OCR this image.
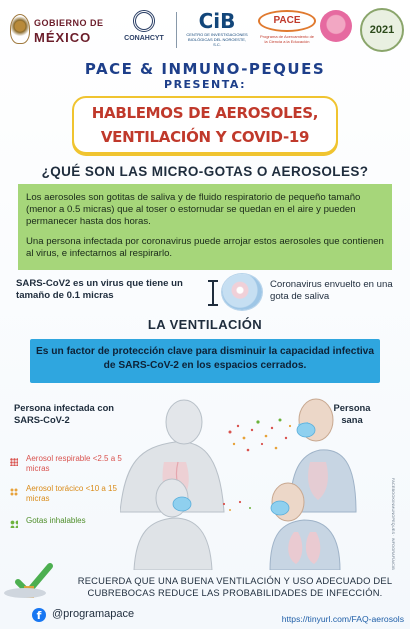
GOBIERNO DE
MÉXICO	CONAHCYT
CiB
CENTRO DE INVESTIGACIONES BIOLÓGICAS DEL NOROESTE, S.C.
PACE
Programa de Acercamiento de la Ciencia a la Educación
2021
PACE & INMUNO-PEQUES
PRESENTA:
HABLEMOS DE AEROSOLES,
VENTILACIÓN Y COVID-19
¿QUÉ SON LAS MICRO-GOTAS O AEROSOLES?
Los aerosoles son gotitas de saliva y de fluido respiratorio de pequeño tamaño (menor a 0.5 micras) que al toser o estornudar se quedan en el aire y pueden permanecer hasta dos horas.
Una persona infectada por coronavirus puede arrojar estos aerosoles que contienen al virus, e infectarnos al respirarlo.
SARS-CoV2 es un virus que tiene un tamaño de 0.1 micras
Coronavirus envuelto en una gota de saliva
LA VENTILACIÓN
Es un factor de protección clave para disminuir la capacidad infectiva de SARS-CoV-2 en los espacios cerrados.
Persona infectada con SARS-CoV-2
Persona sana
FACEBOOK/INMUNOPEQUES · INFOGRAFÍA/CIB
Aerosol respirable <2.5 a 5 micras
Aerosol torácico <10 a 15 micras
Gotas inhalables
RECUERDA QUE UNA BUENA VENTILACIÓN Y USO ADECUADO DEL CUBREBOCAS REDUCE LAS PROBABILIDADES DE INFECCIÓN.
f @programapace	https://tinyurl.com/FAQ-aerosols
